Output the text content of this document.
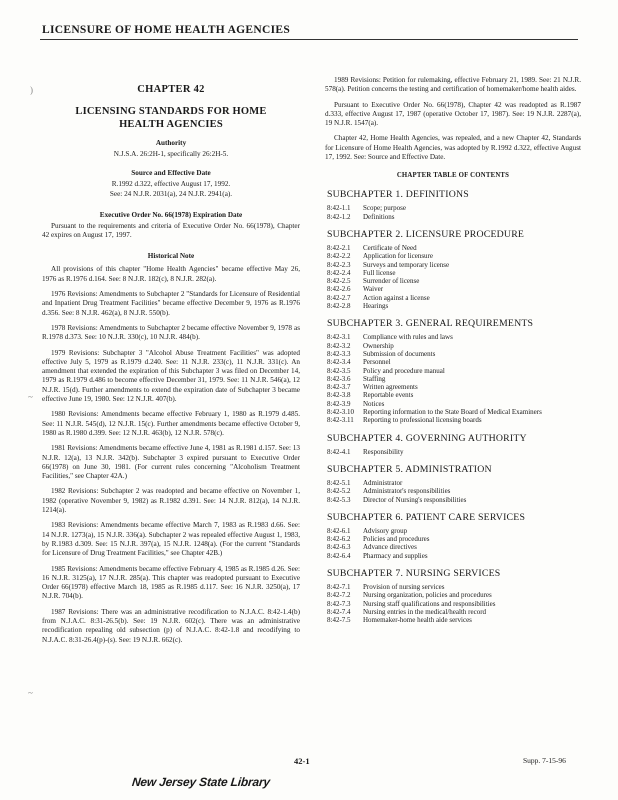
LICENSURE OF HOME HEALTH AGENCIES
)
~
~
CHAPTER 42
LICENSING STANDARDS FOR HOME
HEALTH AGENCIES
Authority
N.J.S.A. 26:2H-1, specifically 26:2H-5.
Source and Effective Date
R.1992 d.322, effective August 17, 1992.
See: 24 N.J.R. 2031(a), 24 N.J.R. 2941(a).
Executive Order No. 66(1978) Expiration Date
Pursuant to the requirements and criteria of Executive Order No. 66(1978), Chapter 42 expires on August 17, 1997.
Historical Note
All provisions of this chapter "Home Health Agencies" became effective May 26, 1976 as R.1976 d.164. See: 8 N.J.R. 182(c), 8 N.J.R. 282(a).
1976 Revisions: Amendments to Subchapter 2 "Standards for Licensure of Residential and Inpatient Drug Treatment Facilities" became effective December 9, 1976 as R.1976 d.356. See: 8 N.J.R. 462(a), 8 N.J.R. 550(b).
1978 Revisions: Amendments to Subchapter 2 became effective November 9, 1978 as R.1978 d.373. See: 10 N.J.R. 330(c), 10 N.J.R. 484(b).
1979 Revisions: Subchapter 3 "Alcohol Abuse Treatment Facilities" was adopted effective July 5, 1979 as R.1979 d.240. See: 11 N.J.R. 233(c), 11 N.J.R. 331(c). An amendment that extended the expiration of this Subchapter 3 was filed on December 14, 1979 as R.1979 d.486 to become effective December 31, 1979. See: 11 N.J.R. 546(a), 12 N.J.R. 15(d). Further amendments to extend the expiration date of Subchapter 3 became effective June 19, 1980. See: 12 N.J.R. 407(b).
1980 Revisions: Amendments became effective February 1, 1980 as R.1979 d.485. See: 11 N.J.R. 545(d), 12 N.J.R. 15(c). Further amendments became effective October 9, 1980 as R.1980 d.399. See: 12 N.J.R. 463(b), 12 N.J.R. 578(c).
1981 Revisions: Amendments became effective June 4, 1981 as R.1981 d.157. See: 13 N.J.R. 12(a), 13 N.J.R. 342(b). Subchapter 3 expired pursuant to Executive Order 66(1978) on June 30, 1981. (For current rules concerning "Alcoholism Treatment Facilities," see Chapter 42A.)
1982 Revisions: Subchapter 2 was readopted and became effective on November 1, 1982 (operative November 9, 1982) as R.1982 d.391. See: 14 N.J.R. 812(a), 14 N.J.R. 1214(a).
1983 Revisions: Amendments became effective March 7, 1983 as R.1983 d.66. See: 14 N.J.R. 1273(a), 15 N.J.R. 336(a). Subchapter 2 was repealed effective August 1, 1983, by R.1983 d.309. See: 15 N.J.R. 397(a), 15 N.J.R. 1248(a). (For the current "Standards for Licensure of Drug Treatment Facilities," see Chapter 42B.)
1985 Revisions: Amendments became effective February 4, 1985 as R.1985 d.26. See: 16 N.J.R. 3125(a), 17 N.J.R. 285(a). This chapter was readopted pursuant to Executive Order 66(1978) effective March 18, 1985 as R.1985 d.117. See: 16 N.J.R. 3250(a), 17 N.J.R. 704(b).
1987 Revisions: There was an administrative recodification to N.J.A.C. 8:42-1.4(b) from N.J.A.C. 8:31-26.5(b). See: 19 N.J.R. 602(c). There was an administrative recodification repealing old subsection (p) of N.J.A.C. 8:42-1.8 and recodifying to N.J.A.C. 8:31-26.4(p)-(s). See: 19 N.J.R. 662(c).
1989 Revisions: Petition for rulemaking, effective February 21, 1989. See: 21 N.J.R. 578(a). Petition concerns the testing and certification of homemaker/home health aides.
Pursuant to Executive Order No. 66(1978), Chapter 42 was readopted as R.1987 d.333, effective August 17, 1987 (operative October 17, 1987). See: 19 N.J.R. 2287(a), 19 N.J.R. 1547(a).
Chapter 42, Home Health Agencies, was repealed, and a new Chapter 42, Standards for Licensure of Home Health Agencies, was adopted by R.1992 d.322, effective August 17, 1992. See: Source and Effective Date.
CHAPTER TABLE OF CONTENTS
SUBCHAPTER 1. DEFINITIONS
8:42-1.1	Scope; purpose
8:42-1.2	Definitions
SUBCHAPTER 2. LICENSURE PROCEDURE
8:42-2.1	Certificate of Need
8:42-2.2	Application for licensure
8:42-2.3	Surveys and temporary license
8:42-2.4	Full license
8:42-2.5	Surrender of license
8:42-2.6	Waiver
8:42-2.7	Action against a license
8:42-2.8	Hearings
SUBCHAPTER 3. GENERAL REQUIREMENTS
8:42-3.1	Compliance with rules and laws
8:42-3.2	Ownership
8:42-3.3	Submission of documents
8:42-3.4	Personnel
8:42-3.5	Policy and procedure manual
8:42-3.6	Staffing
8:42-3.7	Written agreements
8:42-3.8	Reportable events
8:42-3.9	Notices
8:42-3.10	Reporting information to the State Board of Medical Examiners
8:42-3.11	Reporting to professional licensing boards
SUBCHAPTER 4. GOVERNING AUTHORITY
8:42-4.1	Responsibility
SUBCHAPTER 5. ADMINISTRATION
8:42-5.1	Administrator
8:42-5.2	Administrator's responsibilities
8:42-5.3	Director of Nursing's responsibilities
SUBCHAPTER 6. PATIENT CARE SERVICES
8:42-6.1	Advisory group
8:42-6.2	Policies and procedures
8:42-6.3	Advance directives
8:42-6.4	Pharmacy and supplies
SUBCHAPTER 7. NURSING SERVICES
8:42-7.1	Provision of nursing services
8:42-7.2	Nursing organization, policies and procedures
8:42-7.3	Nursing staff qualifications and responsibilities
8:42-7.4	Nursing entries in the medical/health record
8:42-7.5	Homemaker-home health aide services
42-1	Supp. 7-15-96
New Jersey State Library
